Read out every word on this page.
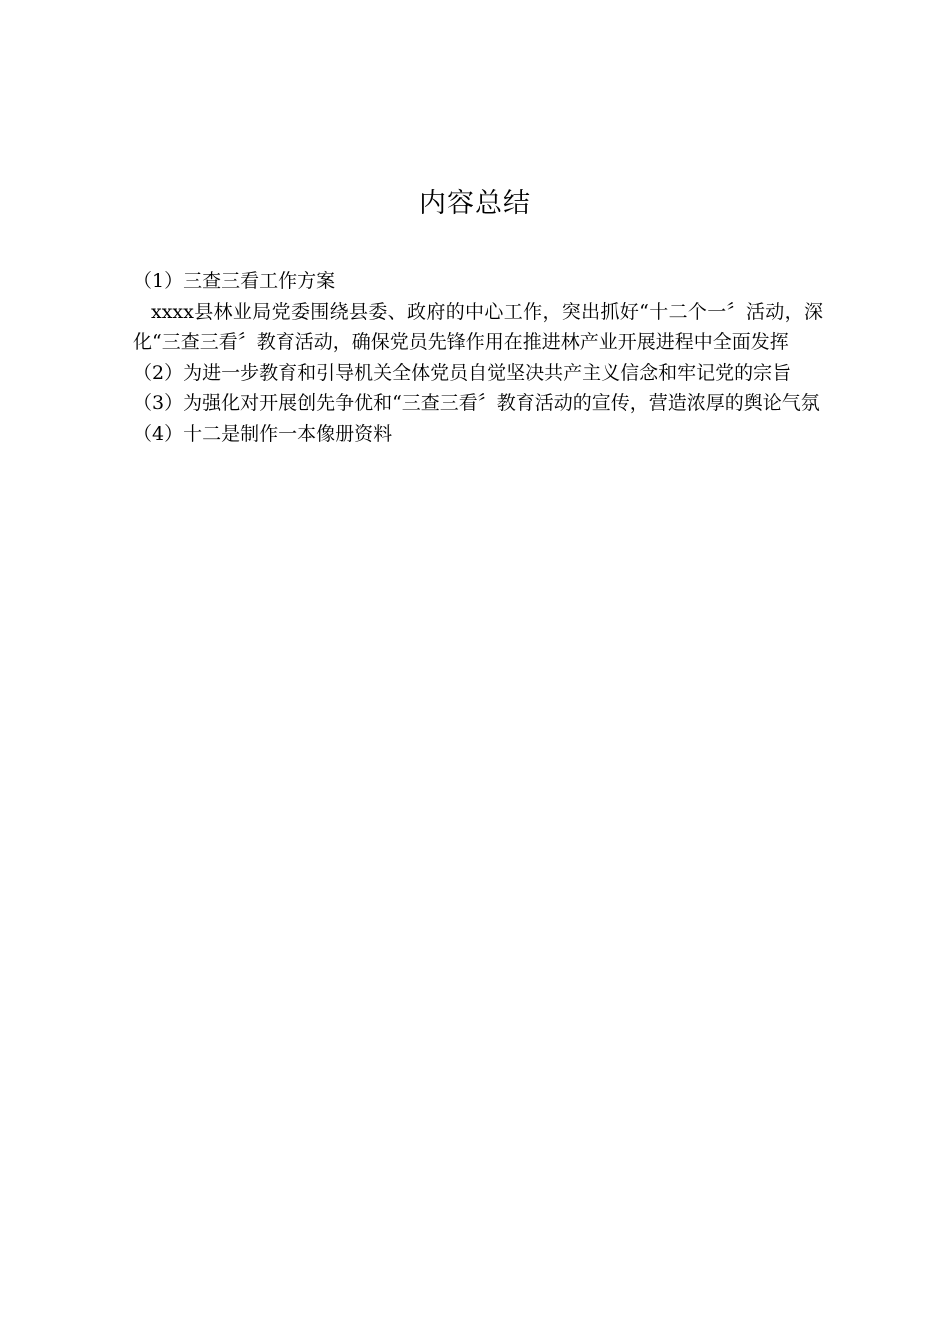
内容总结

（1）三查三看工作方案

xxxx县林业局党委围绕县委、政府的中心工作，突出抓好“十二个一〞活动，深化“三查三看〞教育活动，确保党员先锋作用在推进林产业开展进程中全面发挥

（2）为进一步教育和引导机关全体党员自觉坚决共产主义信念和牢记党的宗旨

（3）为强化对开展创先争优和“三查三看〞教育活动的宣传，营造浓厚的舆论气氛

（4）十二是制作一本像册资料
